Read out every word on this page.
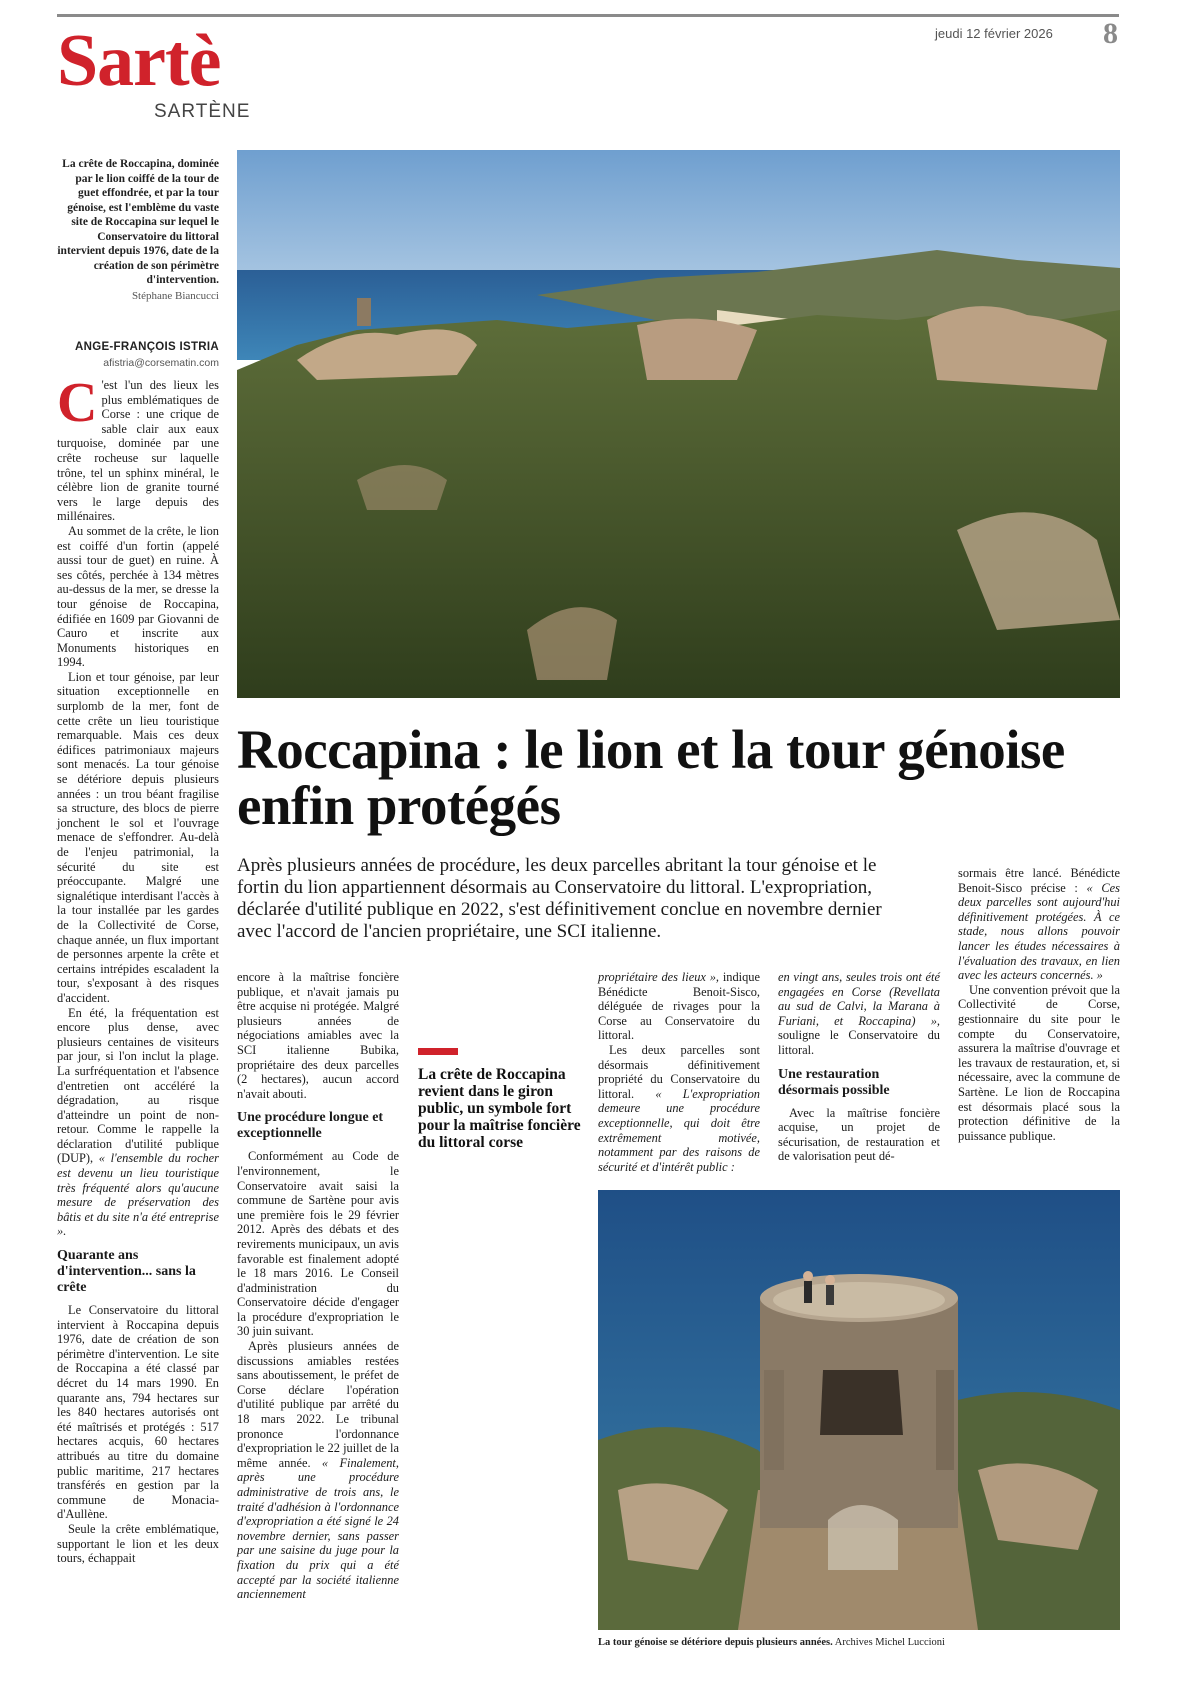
Sartè
SARTÈNE
jeudi 12 février 2026 8
La crête de Roccapina, dominée par le lion coiffé de la tour de guet effondrée, et par la tour génoise, est l'emblème du vaste site de Roccapina sur lequel le Conservatoire du littoral intervient depuis 1976, date de la création de son périmètre d'intervention.
Stéphane Biancucci
ANGE-FRANÇOIS ISTRIA
afistria@corsematin.com
Roccapina : le lion et la tour génoise enfin protégés
Après plusieurs années de procédure, les deux parcelles abritant la tour génoise et le fortin du lion appartiennent désormais au Conservatoire du littoral. L'expropriation, déclarée d'utilité publique en 2022, s'est définitivement conclue en novembre dernier avec l'accord de l'ancien propriétaire, une SCI italienne.

C 'est l'un des lieux les plus emblématiques de Corse : une crique de sable clair aux eaux turquoise, dominée par une crête rocheuse sur laquelle trône, tel un sphinx minéral, le célèbre lion de granite tourné vers le large depuis des millénaires.

Au sommet de la crête, le lion est coiffé d'un fortin (appelé aussi tour de guet) en ruine. À ses côtés, perchée à 134 mètres au-dessus de la mer, se dresse la tour génoise de Roccapina, édifiée en 1609 par Giovanni de Cauro et inscrite aux Monuments historiques en 1994.

Lion et tour génoise, par leur situation exceptionnelle en surplomb de la mer, font de cette crête un lieu touristique remarquable. Mais ces deux édifices patrimoniaux majeurs sont menacés. La tour génoise se détériore depuis plusieurs années : un trou béant fragilise sa structure, des blocs de pierre jonchent le sol et l'ouvrage menace de s'effondrer. Au-delà de l'enjeu patrimonial, la sécurité du site est préoccupante. Malgré une signalétique interdisant l'accès à la tour installée par les gardes de la Collectivité de Corse, chaque année, un flux important de personnes arpente la crête et certains intrépides escaladent la tour, s'exposant à des risques d'accident.

En été, la fréquentation est encore plus dense, avec plusieurs centaines de visiteurs par jour, si l'on inclut la plage. La surfréquentation et l'absence d'entretien ont accéléré la dégradation, au risque d'atteindre un point de non-retour. Comme le rappelle la déclaration d'utilité publique (DUP), « l'ensemble du rocher est devenu un lieu touristique très fréquenté alors qu'aucune mesure de préservation des bâtis et du site n'a été entreprise ».

Quarante ans d'intervention... sans la crête

Le Conservatoire du littoral intervient à Roccapina depuis 1976, date de création de son périmètre d'intervention. Le site de Roccapina a été classé par décret du 14 mars 1990. En quarante ans, 794 hectares sur les 840 hectares autorisés ont été maîtrisés et protégés : 517 hectares acquis, 60 hectares attribués au titre du domaine public maritime, 217 hectares transférés en gestion par la commune de Monacia-d'Aullène.

Seule la crête emblématique, supportant le lion et les deux tours, échappait

encore à la maîtrise foncière publique, et n'avait jamais pu être acquise ni protégée. Malgré plusieurs années de négociations amiables avec la SCI italienne Bubika, propriétaire des deux parcelles (2 hectares), aucun accord n'avait abouti.

Une procédure longue et exceptionnelle

Conformément au Code de l'environnement, le Conservatoire avait saisi la commune de Sartène pour avis une première fois le 29 février 2012. Après des débats et des revirements municipaux, un avis favorable est finalement adopté le 18 mars 2016. Le Conseil d'administration du Conservatoire décide d'engager la procédure d'expropriation le 30 juin suivant.

Après plusieurs années de discussions amiables restées sans aboutissement, le préfet de Corse déclare l'opération d'utilité publique par arrêté du 18 mars 2022. Le tribunal prononce l'ordonnance d'expropriation le 22 juillet de la même année. « Finalement, après une procédure administrative de trois ans, le traité d'adhésion à l'ordonnance d'expropriation a été signé le 24 novembre dernier, sans passer par une saisine du juge pour la fixation du prix qui a été accepté par la société italienne anciennement

La crête de Roccapina revient dans le giron public, un symbole fort pour la maîtrise foncière du littoral corse

propriétaire des lieux », indique Bénédicte Benoit-Sisco, déléguée de rivages pour la Corse au Conservatoire du littoral.

Les deux parcelles sont désormais définitivement propriété du Conservatoire du littoral. « L'expropriation demeure une procédure exceptionnelle, qui doit être extrêmement motivée, notamment par des raisons de sécurité et d'intérêt public :

en vingt ans, seules trois ont été engagées en Corse (Revellata au sud de Calvi, la Marana à Furiani, et Roccapina) », souligne le Conservatoire du littoral.

Une restauration désormais possible

Avec la maîtrise foncière acquise, un projet de sécurisation, de restauration et de valorisation peut dé-

sormais être lancé. Bénédicte Benoit-Sisco précise : « Ces deux parcelles sont aujourd'hui définitivement protégées. À ce stade, nous allons pouvoir lancer les études nécessaires à l'évaluation des travaux, en lien avec les acteurs concernés. »

Une convention prévoit que la Collectivité de Corse, gestionnaire du site pour le compte du Conservatoire, assurera la maîtrise d'ouvrage et les travaux de restauration, et, si nécessaire, avec la commune de Sartène. Le lion de Roccapina est désormais placé sous la protection définitive de la puissance publique.

La tour génoise se détériore depuis plusieurs années. Archives Michel Luccioni
